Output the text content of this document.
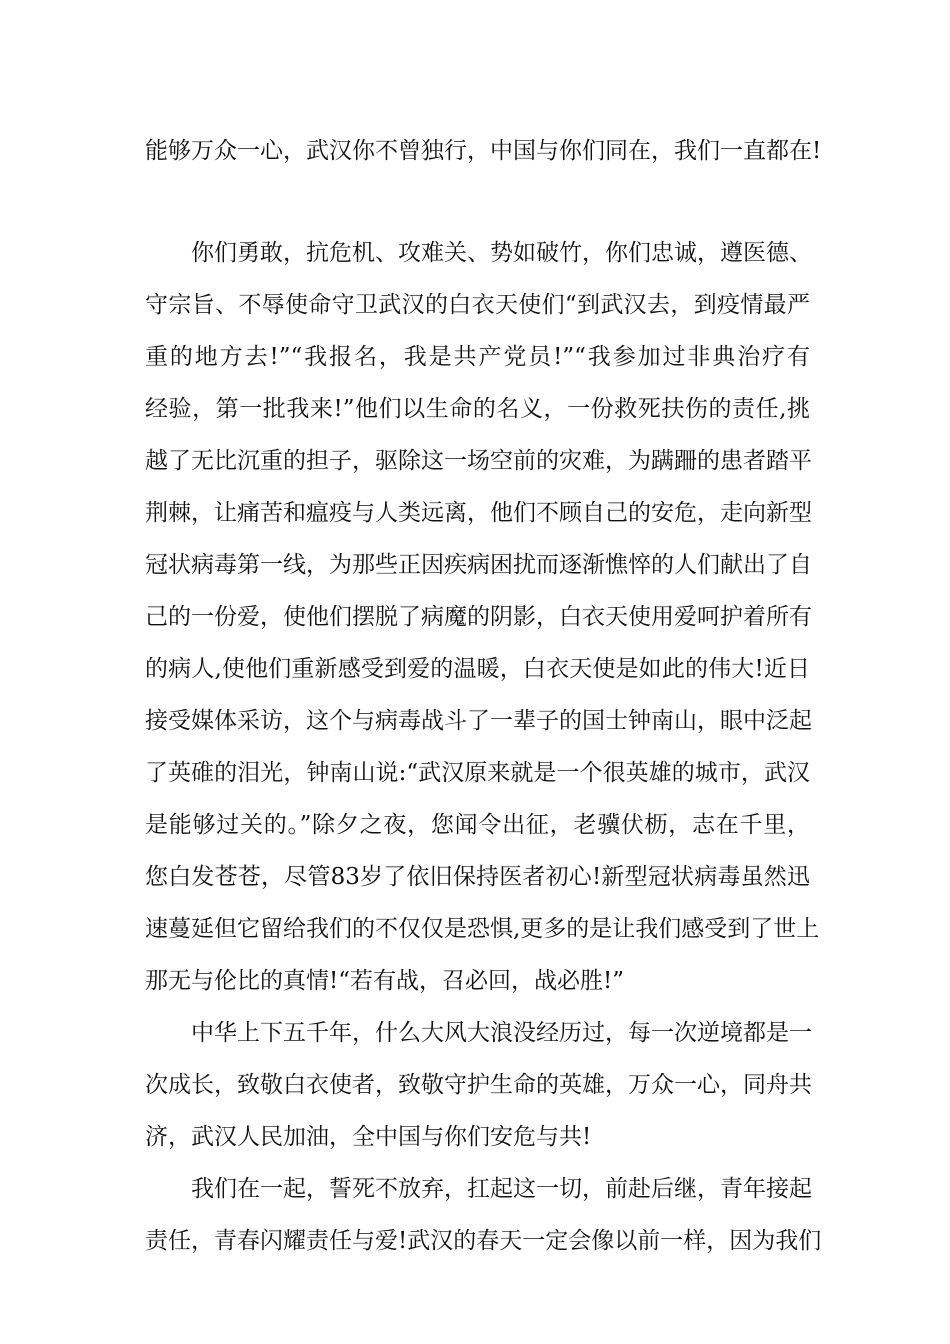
能够万众一心，武汉你不曾独行，中国与你们同在，我们一直都在!
你们勇敢，抗危机、攻难关、势如破竹，你们忠诚，遵医德、
守宗旨、不辱使命守卫武汉的白衣天使们“到武汉去，到疫情最严
重的地方去!”“我报名，我是共产党员!”“我参加过非典治疗有
经验，第一批我来!”他们以生命的名义，一份救死扶伤的责任,挑
越了无比沉重的担子，驱除这一场空前的灾难，为蹒跚的患者踏平
荆棘，让痛苦和瘟疫与人类远离，他们不顾自己的安危，走向新型
冠状病毒第一线，为那些正因疾病困扰而逐渐憔悴的人们献出了自
己的一份爱，使他们摆脱了病魔的阴影，白衣天使用爱呵护着所有
的病人,使他们重新感受到爱的温暖，白衣天使是如此的伟大!近日
接受媒体采访，这个与病毒战斗了一辈子的国士钟南山，眼中泛起
了英碓的泪光，钟南山说:“武汉原来就是一个很英雄的城市，武汉
是能够过关的。”除夕之夜，您闻令出征，老骥伏枥，志在千里，
您白发苍苍，尽管83岁了依旧保持医者初心!新型冠状病毒虽然迅
速蔓延但它留给我们的不仅仅是恐惧,更多的是让我们感受到了世上
那无与伦比的真情!“若有战，召必回，战必胜!”
中华上下五千年，什么大风大浪没经历过，每一次逆境都是一
次成长，致敬白衣使者，致敬守护生命的英雄，万众一心，同舟共
济，武汉人民加油，全中国与你们安危与共!
我们在一起，誓死不放弃，扛起这一切，前赴后继，青年接起
责任，青春闪耀责任与爱!武汉的春天一定会像以前一样，因为我们
